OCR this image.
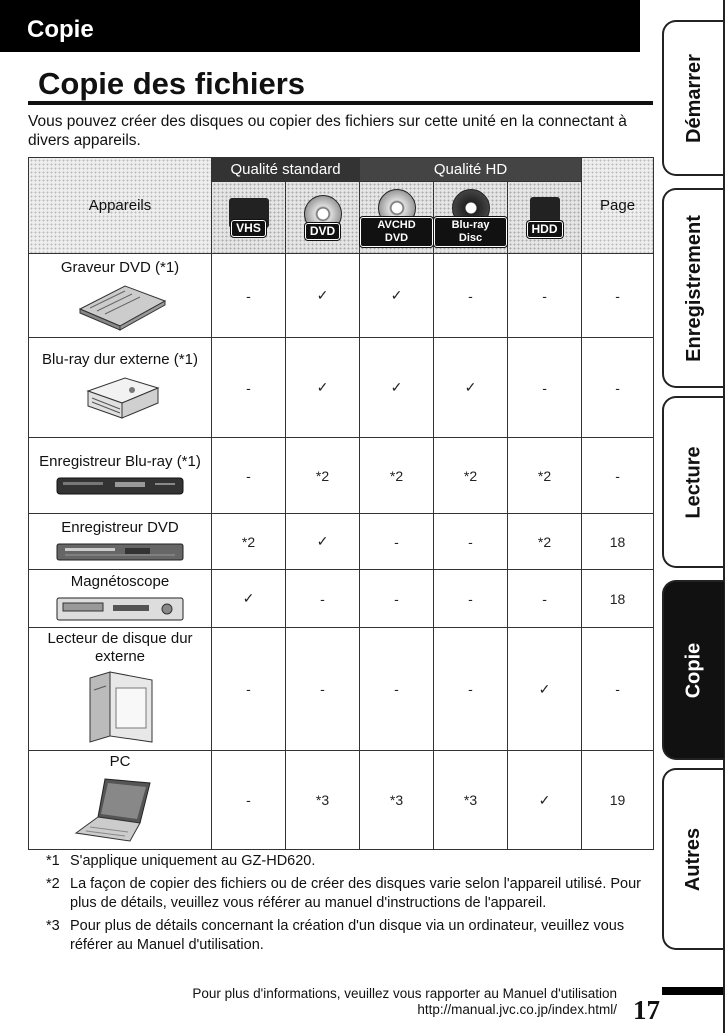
Copie
Copie des fichiers
Vous pouvez créer des disques ou copier des fichiers sur cette unité en la connectant à divers appareils.
Appareils	Qualité standard		Qualité HD			Page

	VHS	DVD	AVCHD DVD	Blu-ray Disc	HDD	

Graveur DVD (*1)	-	✓	✓	-	-	-

Blu-ray dur externe (*1)	-	✓	✓	✓	-	-

Enregistreur Blu-ray (*1)	-	*2	*2	*2	*2	-

Enregistreur DVD	*2	✓	-	-	*2	18

Magnétoscope	✓	-	-	-	-	18

Lecteur de disque dur externe	-	-	-	-	✓	-

PC	-	*3	*3	*3	✓	19
*1 S'applique uniquement au GZ-HD620.
*2 La façon de copier des fichiers ou de créer des disques varie selon l'appareil utilisé. Pour plus de détails, veuillez vous référer au manuel d'instructions de l'appareil.
*3 Pour plus de détails concernant la création d'un disque via un ordinateur, veuillez vous référer au Manuel d'utilisation.
Pour plus d'informations, veuillez vous rapporter au Manuel d'utilisation
http://manual.jvc.co.jp/index.html/ 17
Démarrer
Enregistrement
Lecture
Copie
Autres
